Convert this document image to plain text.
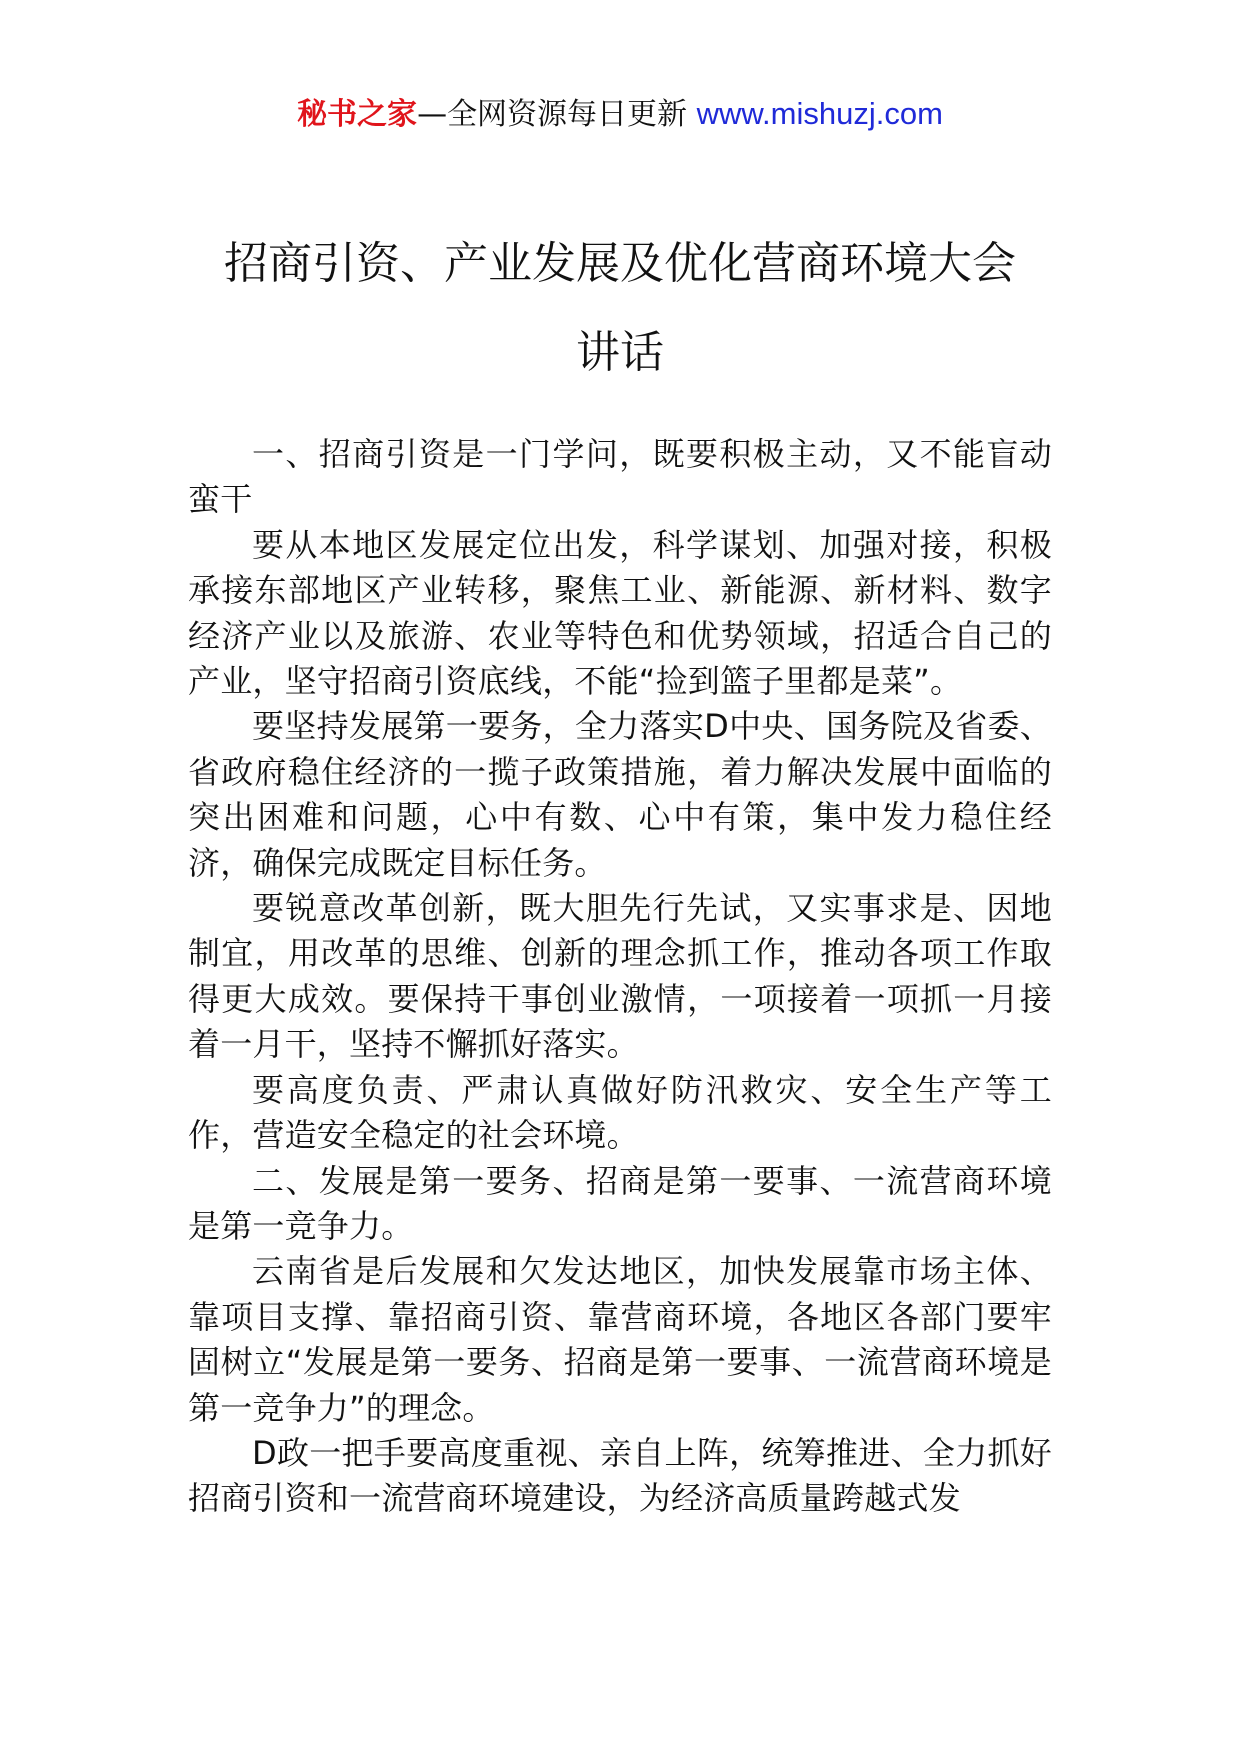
秘书之家—全网资源每日更新 www.mishuzj.com
招商引资、产业发展及优化营商环境大会
讲话

一、招商引资是一门学问，既要积极主动，又不能盲动蛮干

要从本地区发展定位出发，科学谋划、加强对接，积极承接东部地区产业转移，聚焦工业、新能源、新材料、数字经济产业以及旅游、农业等特色和优势领域，招适合自己的产业，坚守招商引资底线，不能“捡到篮子里都是菜”。

要坚持发展第一要务，全力落实D中央、国务院及省委、省政府稳住经济的一揽子政策措施，着力解决发展中面临的突出困难和问题，心中有数、心中有策，集中发力稳住经济，确保完成既定目标任务。

要锐意改革创新，既大胆先行先试，又实事求是、因地制宜，用改革的思维、创新的理念抓工作，推动各项工作取得更大成效。要保持干事创业激情，一项接着一项抓一月接着一月干，坚持不懈抓好落实。

要高度负责、严肃认真做好防汛救灾、安全生产等工作，营造安全稳定的社会环境。

二、发展是第一要务、招商是第一要事、一流营商环境是第一竞争力。

云南省是后发展和欠发达地区，加快发展靠市场主体、靠项目支撑、靠招商引资、靠营商环境，各地区各部门要牢固树立“发展是第一要务、招商是第一要事、一流营商环境是第一竞争力”的理念。

D政一把手要高度重视、亲自上阵，统筹推进、全力抓好招商引资和一流营商环境建设，为经济高质量跨越式发
